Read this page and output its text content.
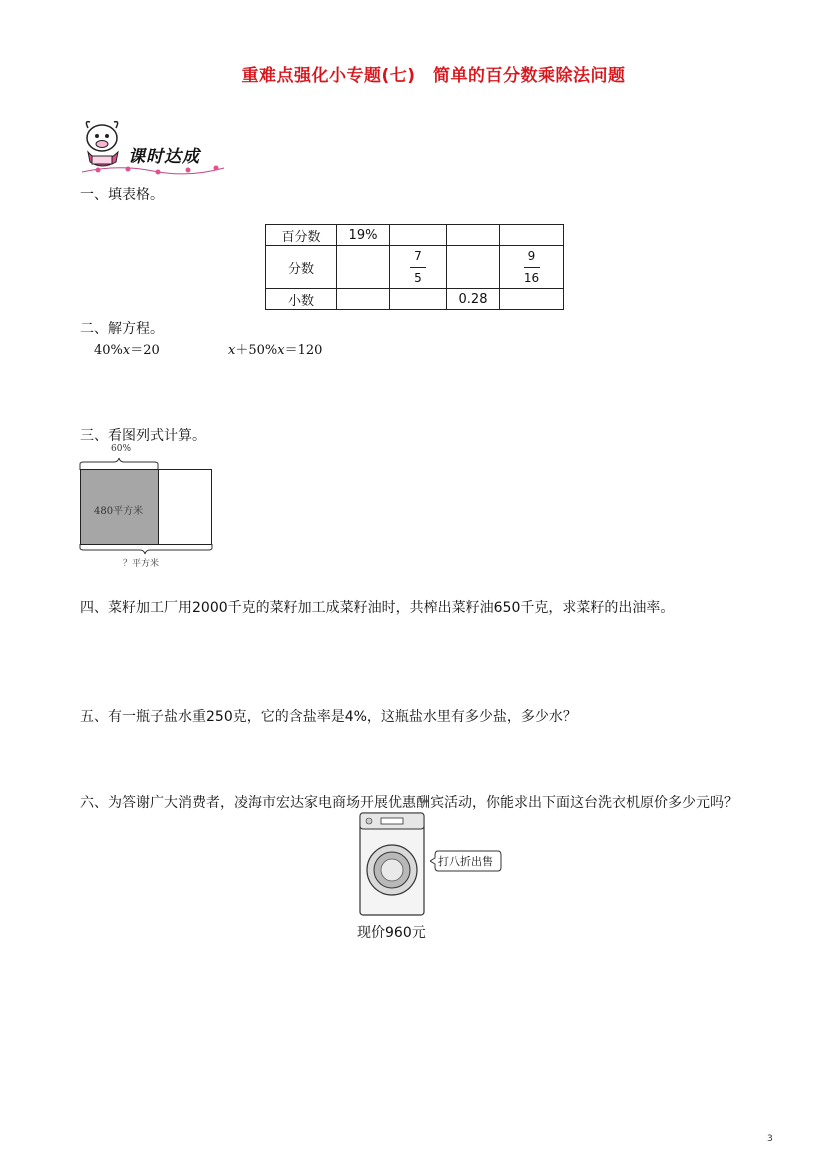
重难点强化小专题(七)　简单的百分数乘除法问题
课时达成
一、填表格。
百分数	19%			
分数		$\frac{7}{5}$		$\frac{9}{16}$

小数			0.28	
二、解方程。
40%x＝20	x＋50%x＝120
三、看图列式计算。
60%
480平方米
？平方米
四、菜籽加工厂用2000千克的菜籽加工成菜籽油时，共榨出菜籽油650千克，求菜籽的出油率。
五、有一瓶子盐水重250克，它的含盐率是4%，这瓶盐水里有多少盐，多少水？
六、为答谢广大消费者，凌海市宏达家电商场开展优惠酬宾活动，你能求出下面这台洗衣机原价多少元吗？
打八折出售
现价960元
3
